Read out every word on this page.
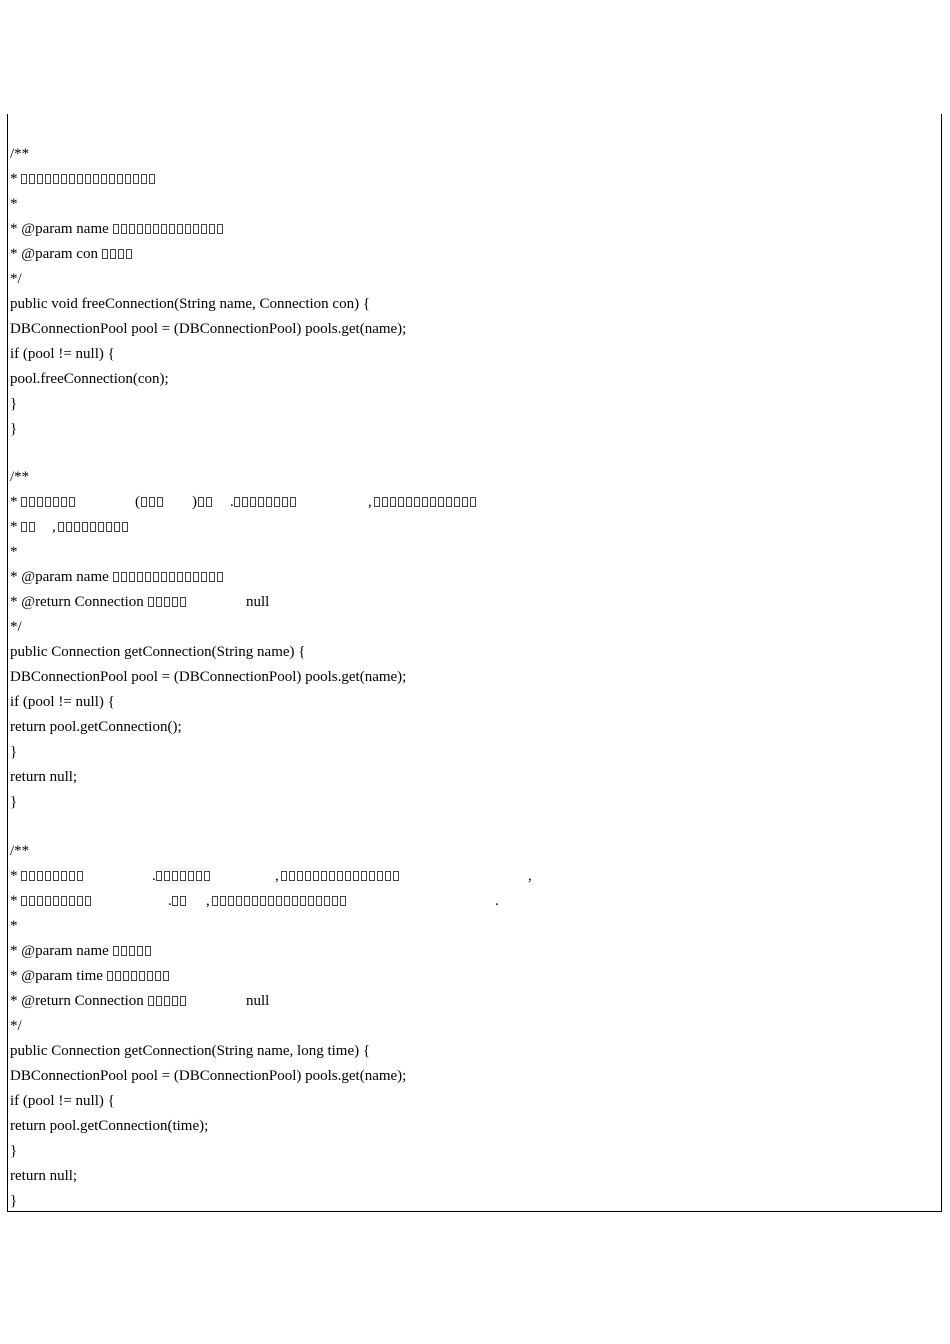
/**
*
*
* @param name
* @param con
*/
public void freeConnection(String name, Connection con) {
DBConnectionPool pool = (DBConnectionPool) pools.get(name);
if (pool != null) {
pool.freeConnection(con);
}
}
/**
*	(	) .	,
* ,
*
* @param name
* @return Connection	null
*/
public Connection getConnection(String name) {
DBConnectionPool pool = (DBConnectionPool) pools.get(name);
if (pool != null) {
return pool.getConnection();
}
return null;
}
/**
*	.	,	,
*	. ,	.
*
* @param name
* @param time
* @return Connection	null
*/
public Connection getConnection(String name, long time) {
DBConnectionPool pool = (DBConnectionPool) pools.get(name);
if (pool != null) {
return pool.getConnection(time);
}
return null;
}
